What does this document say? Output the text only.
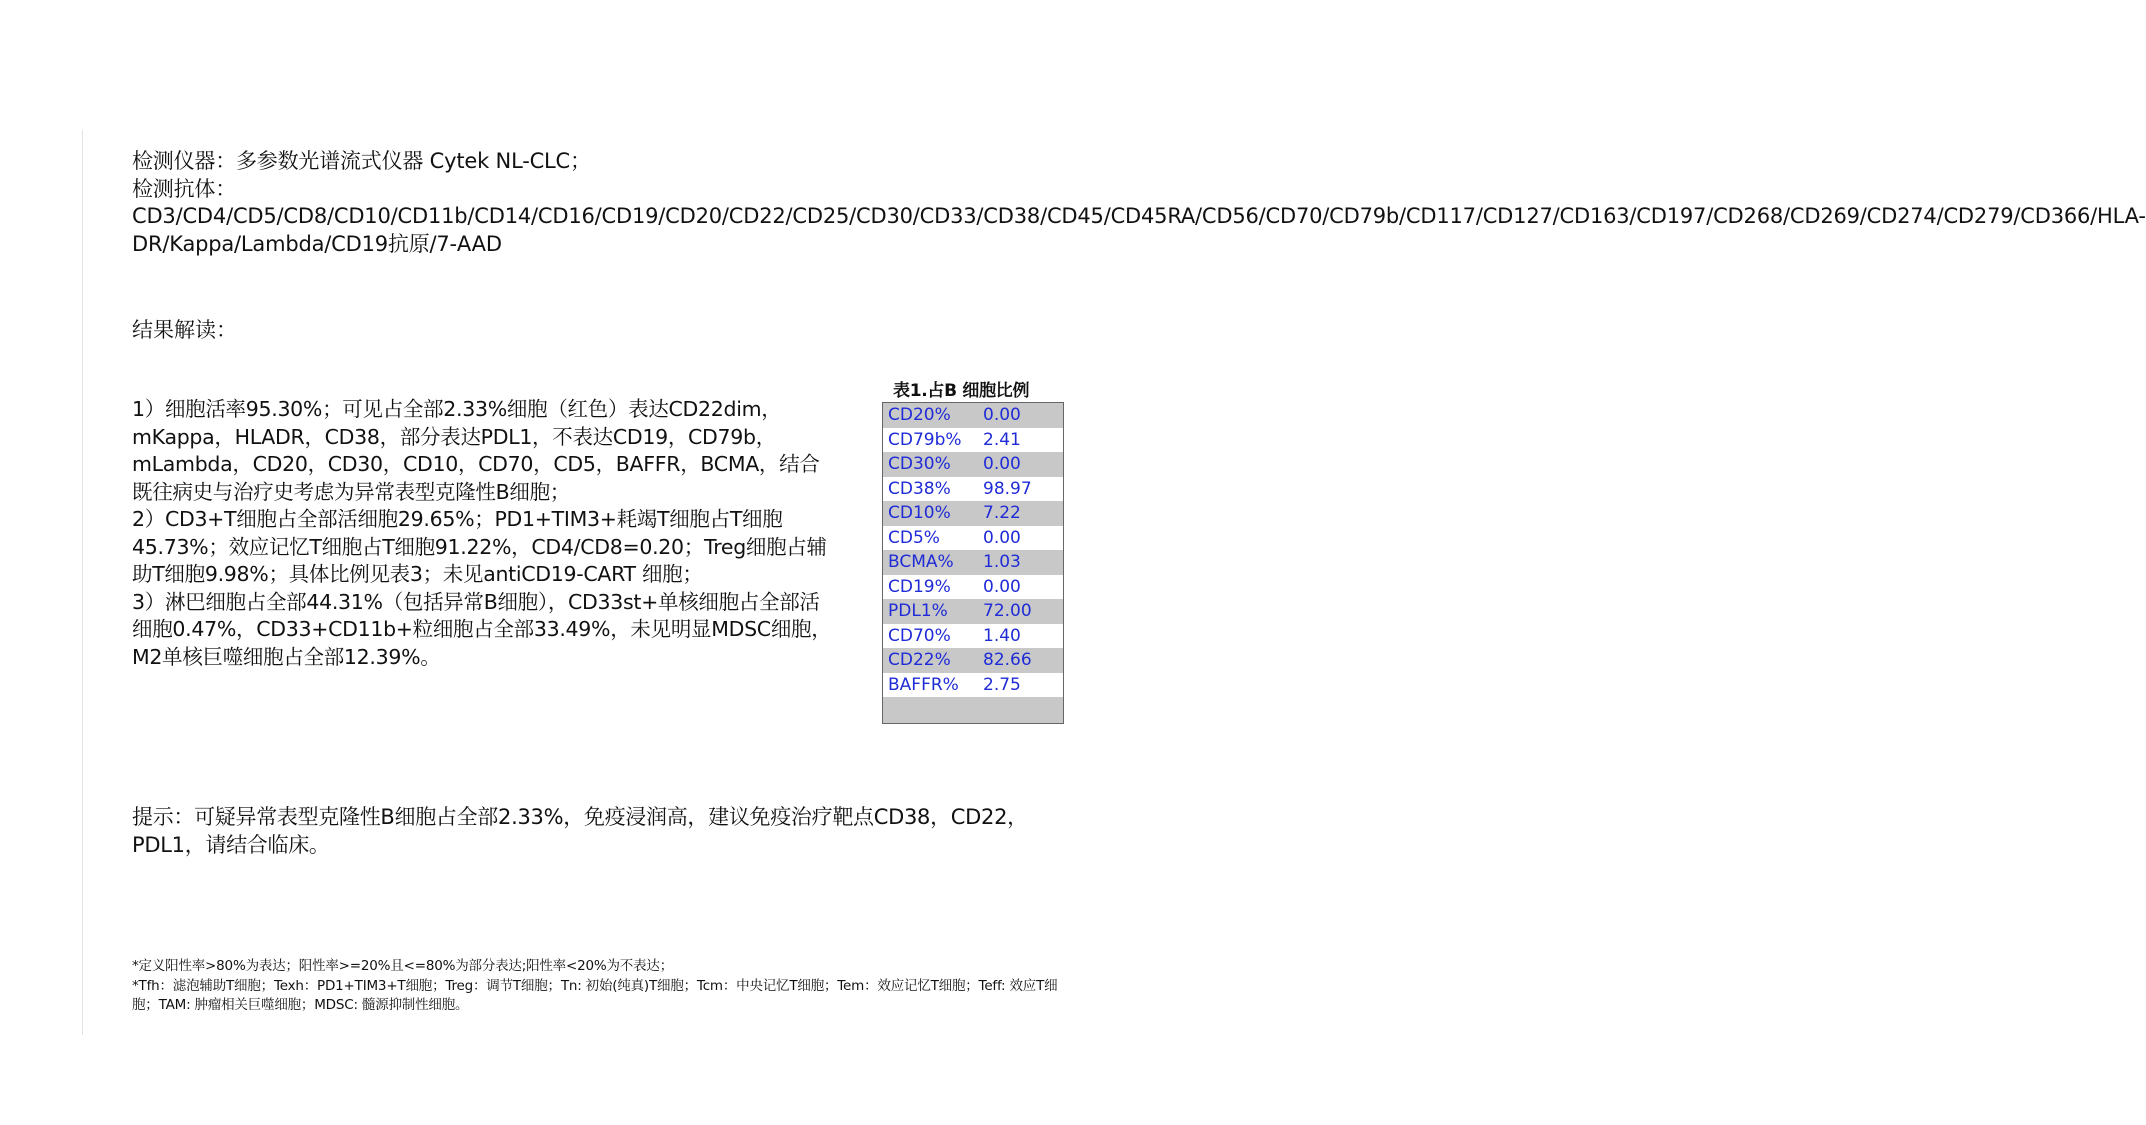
检测仪器：多参数光谱流式仪器 Cytek NL-CLC；
检测抗体：CD3/CD4/CD5/CD8/CD10/CD11b/CD14/CD16/CD19/CD20/CD22/CD25/CD30/CD33/CD38/CD45/CD45RA/CD56/CD70/CD79b/CD117/CD127/CD163/CD197/CD268/CD269/CD274/CD279/CD366/HLA-DR/Kappa/Lambda/CD19抗原/7-AAD
结果解读：

1）细胞活率95.30%；可见占全部2.33%细胞（红色）表达CD22dim，mKappa，HLADR，CD38，部分表达PDL1，不表达CD19，CD79b，mLambda，CD20，CD30，CD10，CD70，CD5，BAFFR，BCMA，结合既往病史与治疗史考虑为异常表型克隆性B细胞；

2）CD3+T细胞占全部活细胞29.65%；PD1+TIM3+耗竭T细胞占T细胞45.73%；效应记忆T细胞占T细胞91.22%，CD4/CD8=0.20；Treg细胞占辅助T细胞9.98%；具体比例见表3；未见antiCD19-CART 细胞；

3）淋巴细胞占全部44.31%（包括异常B细胞），CD33st+单核细胞占全部活细胞0.47%，CD33+CD11b+粒细胞占全部33.49%，未见明显MDSC细胞，M2单核巨噬细胞占全部12.39%。

表1.占B 细胞比例
CD20%	0.00
CD79b%	2.41
CD30%	0.00
CD38%	98.97
CD10%	7.22
CD5%	0.00
BCMA%	1.03
CD19%	0.00
PDL1%	72.00
CD70%	1.40
CD22%	82.66
BAFFR%	2.75

提示：可疑异常表型克隆性B细胞占全部2.33%，免疫浸润高，建议免疫治疗靶点CD38，CD22，PDL1，请结合临床。

*定义阳性率>80%为表达；阳性率>=20%且<=80%为部分表达;阳性率<20%为不表达；

*Tfh：滤泡辅助T细胞；Texh：PD1+TIM3+T细胞；Treg：调节T细胞；Tn: 初始(纯真)T细胞；Tcm：中央记忆T细胞；Tem：效应记忆T细胞；Teff: 效应T细胞；TAM: 肿瘤相关巨噬细胞；MDSC: 髓源抑制性细胞。
